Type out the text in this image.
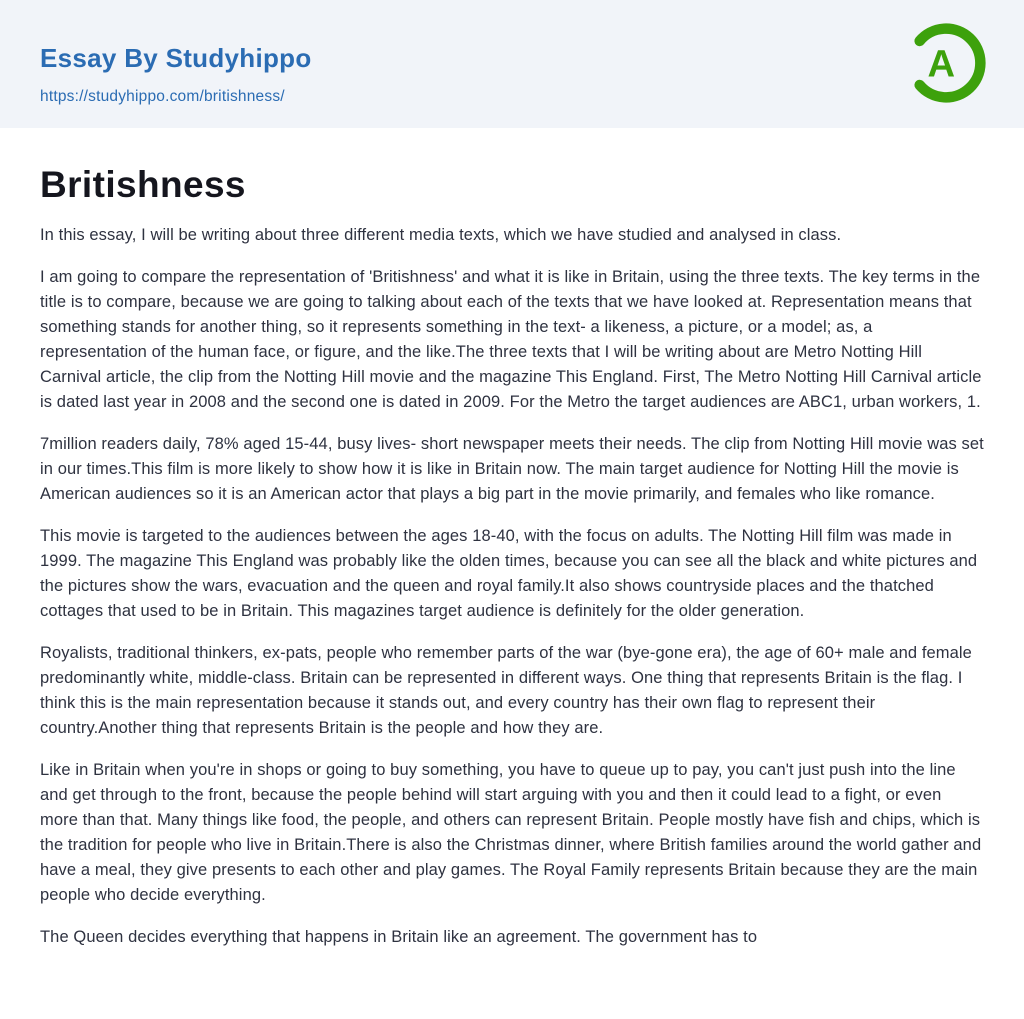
Essay By Studyhippo
https://studyhippo.com/britishness/
A
Britishness

In this essay, I will be writing about three different media texts, which we have studied and analysed in class.

I am going to compare the representation of 'Britishness' and what it is like in Britain, using the three texts. The key terms in the title is to compare, because we are going to talking about each of the texts that we have looked at. Representation means that something stands for another thing, so it represents something in the text- a likeness, a picture, or a model; as, a representation of the human face, or figure, and the like.The three texts that I will be writing about are Metro Notting Hill Carnival article, the clip from the Notting Hill movie and the magazine This England. First, The Metro Notting Hill Carnival article is dated last year in 2008 and the second one is dated in 2009. For the Metro the target audiences are ABC1, urban workers, 1.

7million readers daily, 78% aged 15-44, busy lives- short newspaper meets their needs. The clip from Notting Hill movie was set in our times.This film is more likely to show how it is like in Britain now. The main target audience for Notting Hill the movie is American audiences so it is an American actor that plays a big part in the movie primarily, and females who like romance.

This movie is targeted to the audiences between the ages 18-40, with the focus on adults. The Notting Hill film was made in 1999. The magazine This England was probably like the olden times, because you can see all the black and white pictures and the pictures show the wars, evacuation and the queen and royal family.It also shows countryside places and the thatched cottages that used to be in Britain. This magazines target audience is definitely for the older generation.

Royalists, traditional thinkers, ex-pats, people who remember parts of the war (bye-gone era), the age of 60+ male and female predominantly white, middle-class. Britain can be represented in different ways. One thing that represents Britain is the flag. I think this is the main representation because it stands out, and every country has their own flag to represent their country.Another thing that represents Britain is the people and how they are.

Like in Britain when you're in shops or going to buy something, you have to queue up to pay, you can't just push into the line and get through to the front, because the people behind will start arguing with you and then it could lead to a fight, or even more than that. Many things like food, the people, and others can represent Britain. People mostly have fish and chips, which is the tradition for people who live in Britain.There is also the Christmas dinner, where British families around the world gather and have a meal, they give presents to each other and play games. The Royal Family represents Britain because they are the main people who decide everything.

The Queen decides everything that happens in Britain like an agreement. The government has to
